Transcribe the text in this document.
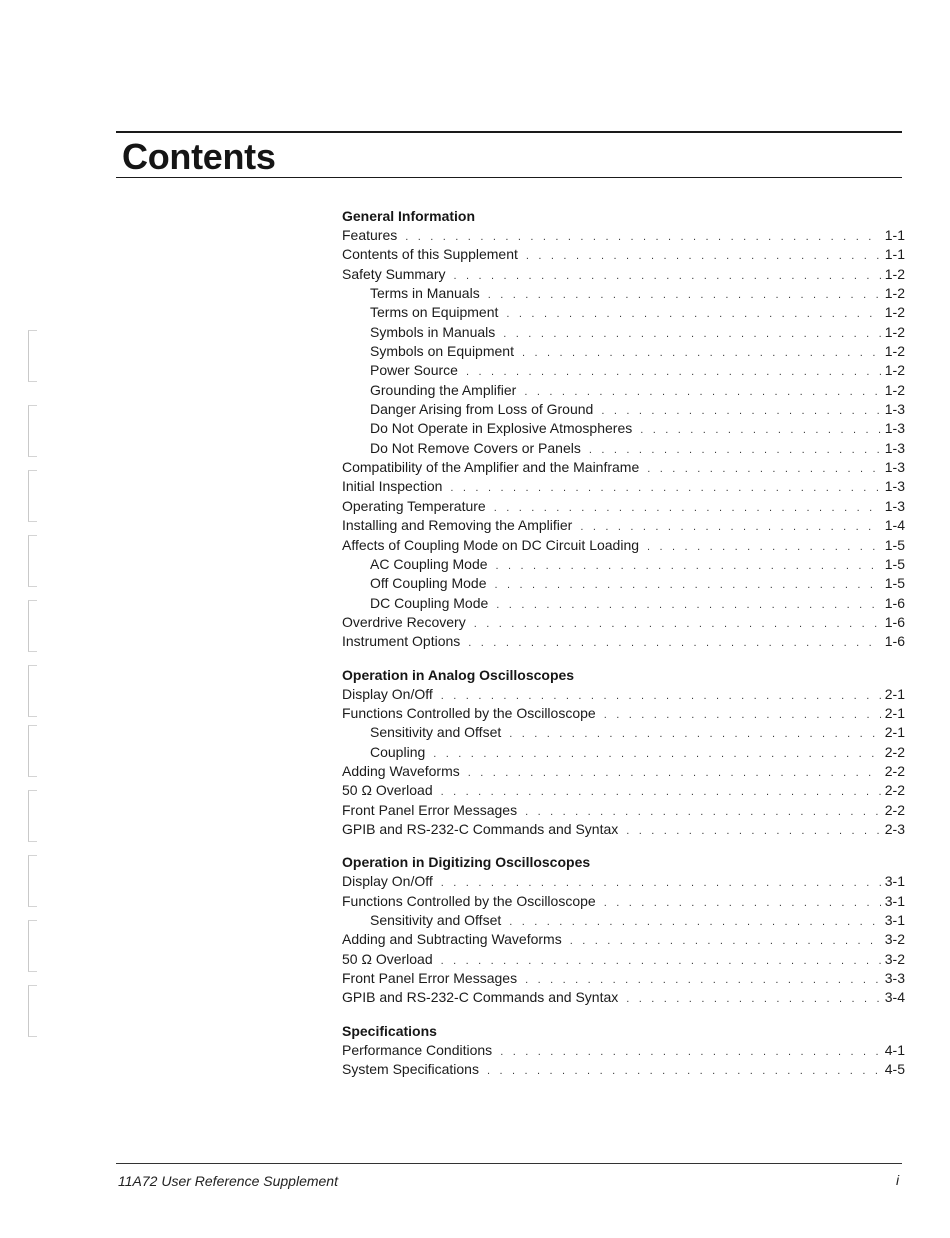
Contents
General Information
Features . . .	1-1
Contents of this Supplement . . .	1-1
Safety Summary . . .	1-2
Terms in Manuals . . .	1-2
Terms on Equipment . . .	1-2
Symbols in Manuals . . .	1-2
Symbols on Equipment . . .	1-2
Power Source . . .	1-2
Grounding the Amplifier . . .	1-2
Danger Arising from Loss of Ground . . .	1-3
Do Not Operate in Explosive Atmospheres . . .	1-3
Do Not Remove Covers or Panels . . .	1-3
Compatibility of the Amplifier and the Mainframe . . .	1-3
Initial Inspection . . .	1-3
Operating Temperature . . .	1-3
Installing and Removing the Amplifier . . .	1-4
Affects of Coupling Mode on DC Circuit Loading . . .	1-5
AC Coupling Mode . . .	1-5
Off Coupling Mode . . .	1-5
DC Coupling Mode . . .	1-6
Overdrive Recovery . . .	1-6
Instrument Options . . .	1-6
Operation in Analog Oscilloscopes
Display On/Off . . .	2-1
Functions Controlled by the Oscilloscope . . .	2-1
Sensitivity and Offset . . .	2-1
Coupling . . .	2-2
Adding Waveforms . . .	2-2
50 Ω Overload . . .	2-2
Front Panel Error Messages . . .	2-2
GPIB and RS-232-C Commands and Syntax . . .	2-3
Operation in Digitizing Oscilloscopes
Display On/Off . . .	3-1
Functions Controlled by the Oscilloscope . . .	3-1
Sensitivity and Offset . . .	3-1
Adding and Subtracting Waveforms . . .	3-2
50 Ω Overload . . .	3-2
Front Panel Error Messages . . .	3-3
GPIB and RS-232-C Commands and Syntax . . .	3-4
Specifications
Performance Conditions . . .	4-1
System Specifications . . .	4-5
11A72 User Reference Supplement	i
